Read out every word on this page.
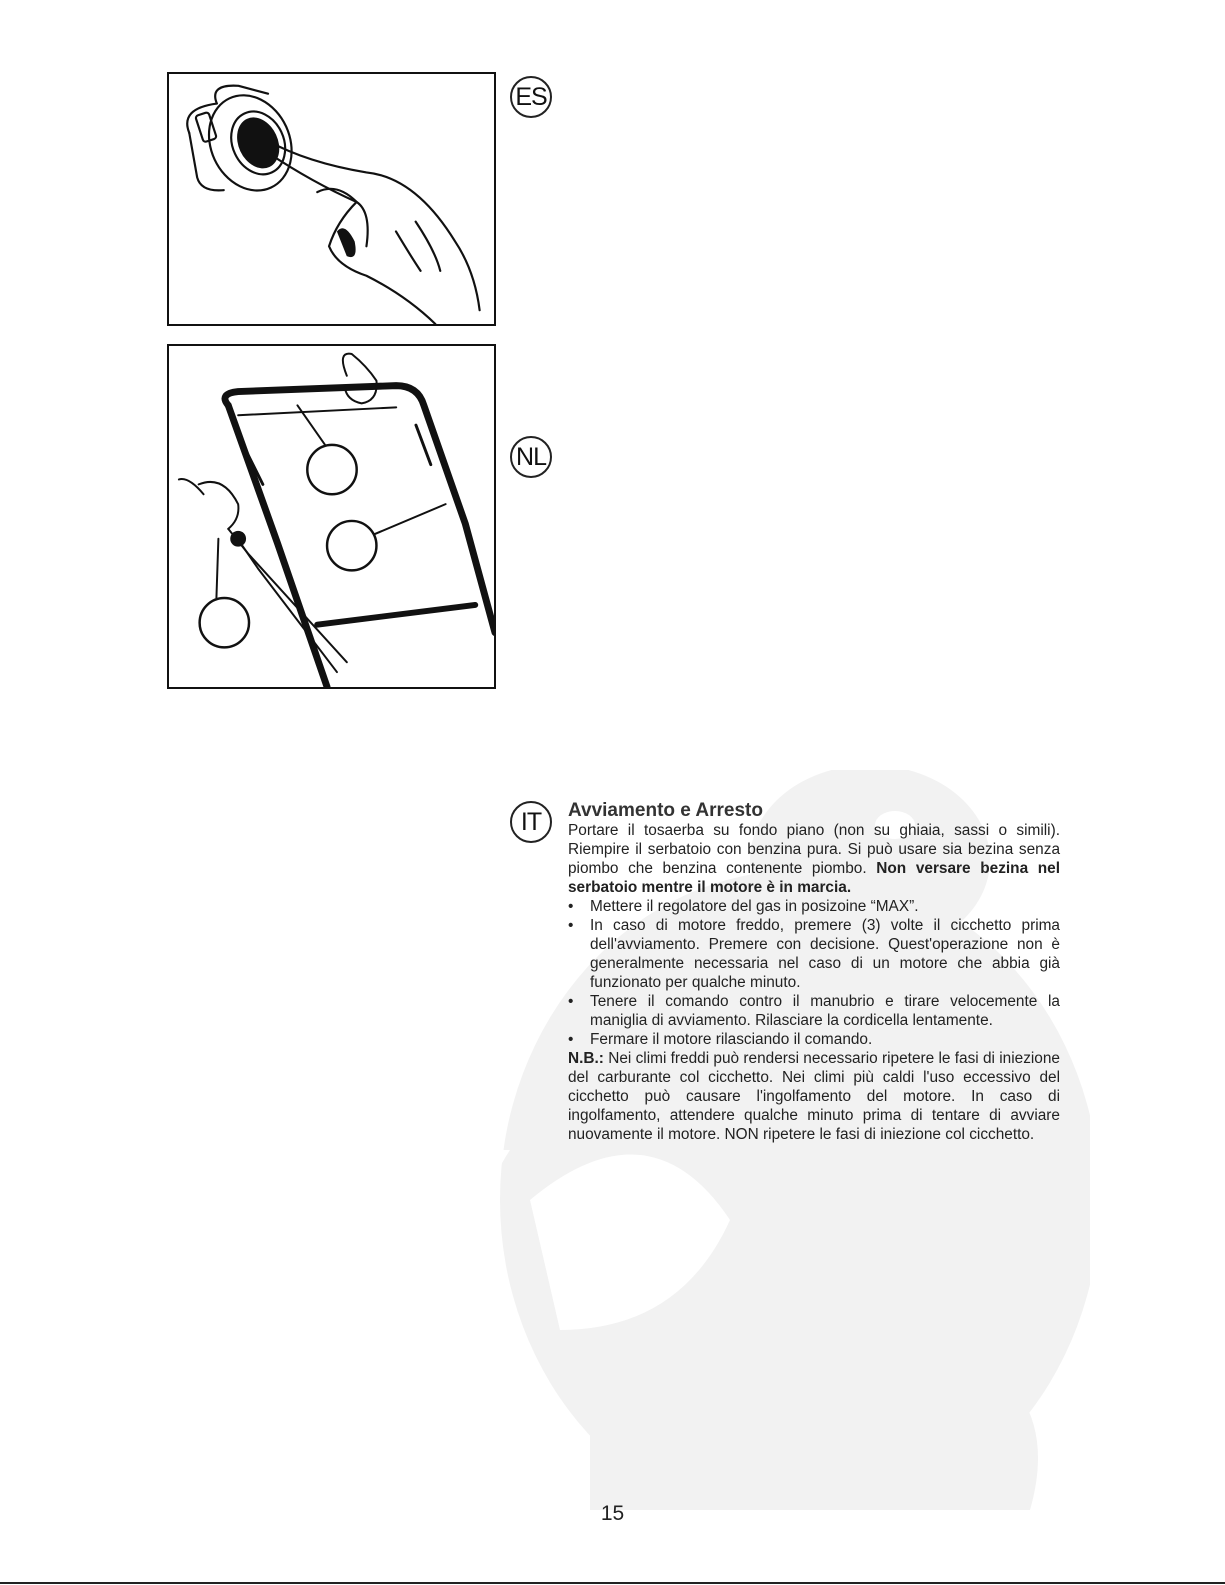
ES
NL
IT	Avviamento e Arresto

Portare il tosaerba su fondo piano (non su ghiaia, sassi o simili). Riempire il serbatoio con benzina pura. Si può usare sia bezina senza piombo che benzina contenente piombo. Non versare bezina nel serbatoio mentre il motore è in marcia.

• Mettere il regolatore del gas in posizoine “MAX”.
• In caso di motore freddo, premere (3) volte il cicchetto prima dell'avviamento. Premere con decisione. Quest'operazione non è generalmente necessaria nel caso di un motore che abbia già funzionato per qualche minuto.
• Tenere il comando contro il manubrio e tirare velocemente la maniglia di avviamento. Rilasciare la cordicella lentamente.
• Fermare il motore rilasciando il comando.

N.B.: Nei climi freddi può rendersi necessario ripetere le fasi di iniezione del carburante col cicchetto. Nei climi più caldi l'uso eccessivo del cicchetto può causare l'ingolfamento del motore. In caso di ingolfamento, attendere qualche minuto prima di tentare di avviare nuovamente il motore. NON ripetere le fasi di iniezione col cicchetto.

15
